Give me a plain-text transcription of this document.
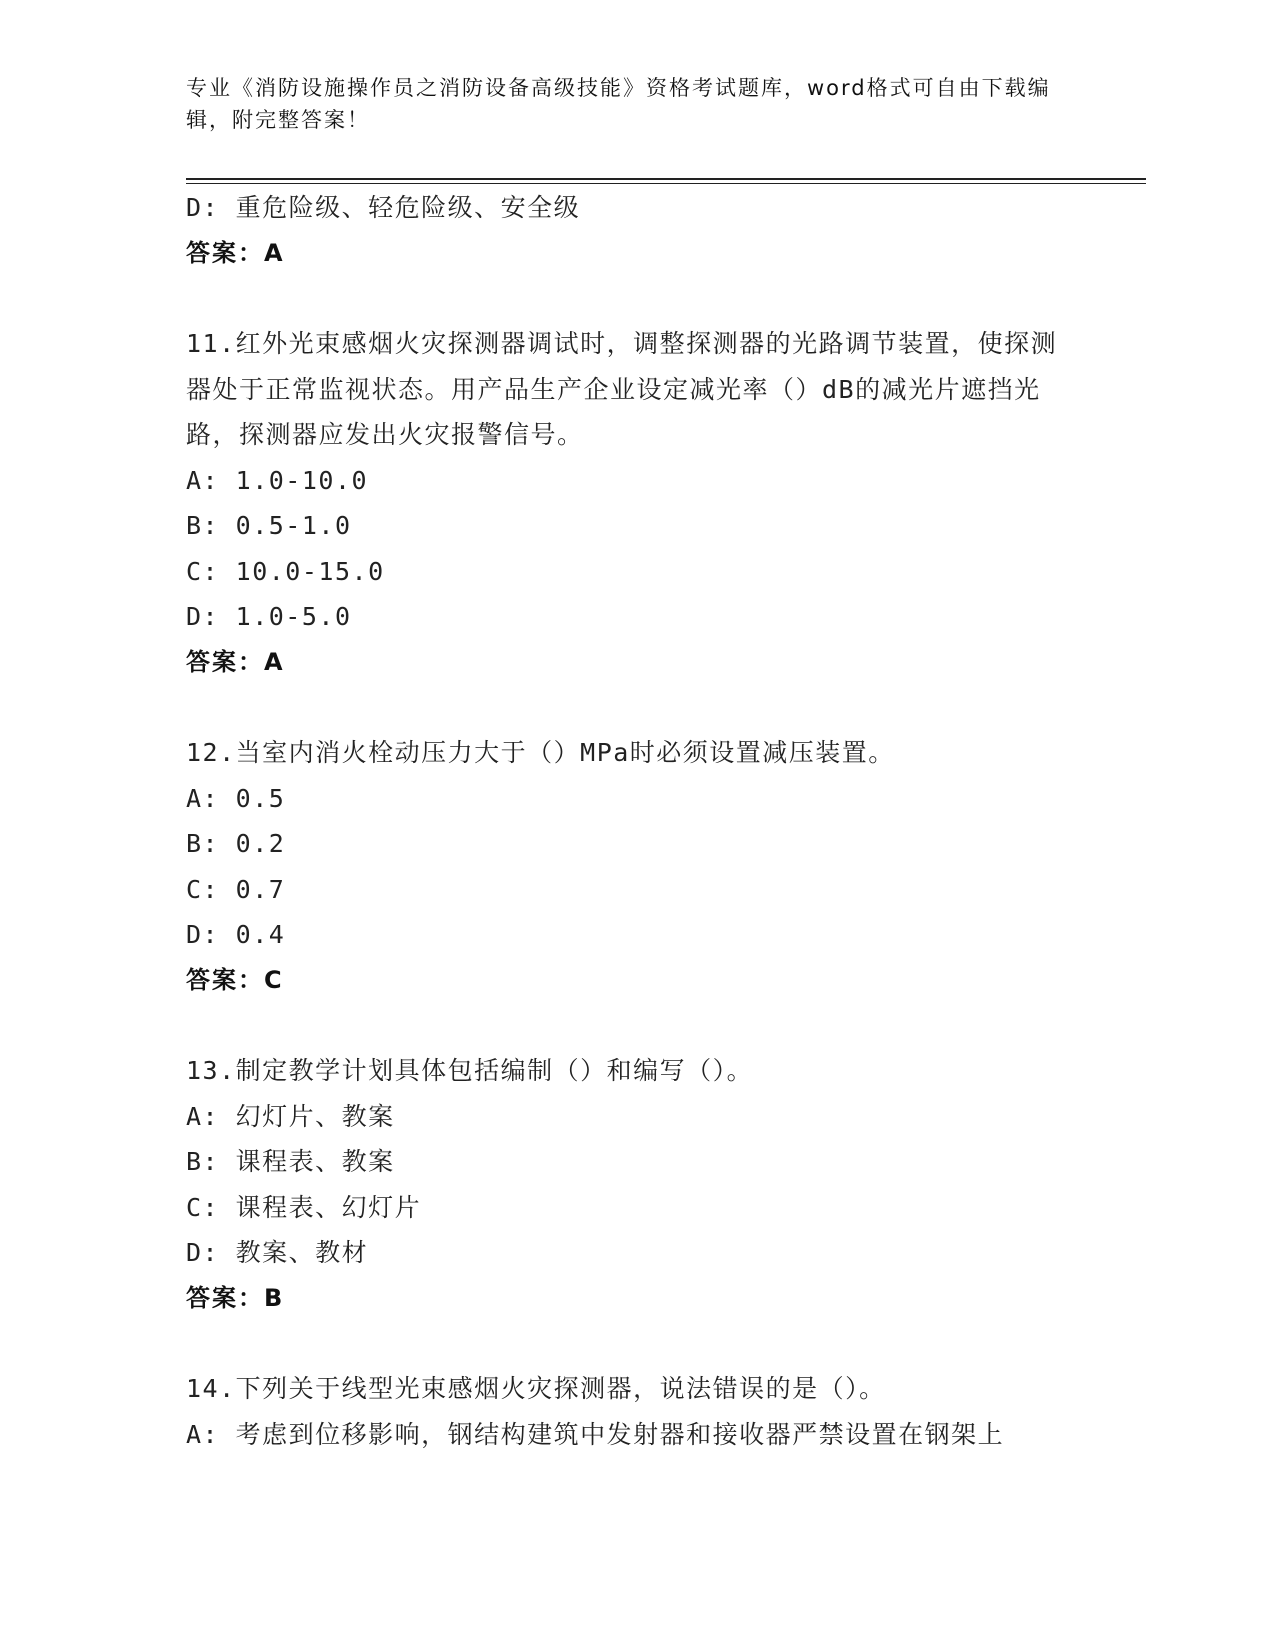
专业《消防设施操作员之消防设备高级技能》资格考试题库，word格式可自由下载编辑，附完整答案！
D: 重危险级、轻危险级、安全级
答案：A
11.红外光束感烟火灾探测器调试时，调整探测器的光路调节装置，使探测器处于正常监视状态。用产品生产企业设定减光率（）dB的减光片遮挡光路，探测器应发出火灾报警信号。
A: 1.0-10.0
B: 0.5-1.0
C: 10.0-15.0
D: 1.0-5.0
答案：A
12.当室内消火栓动压力大于（）MPa时必须设置减压装置。
A: 0.5
B: 0.2
C: 0.7
D: 0.4
答案：C
13.制定教学计划具体包括编制（）和编写（）。
A: 幻灯片、教案
B: 课程表、教案
C: 课程表、幻灯片
D: 教案、教材
答案：B
14.下列关于线型光束感烟火灾探测器，说法错误的是（）。
A: 考虑到位移影响，钢结构建筑中发射器和接收器严禁设置在钢架上
